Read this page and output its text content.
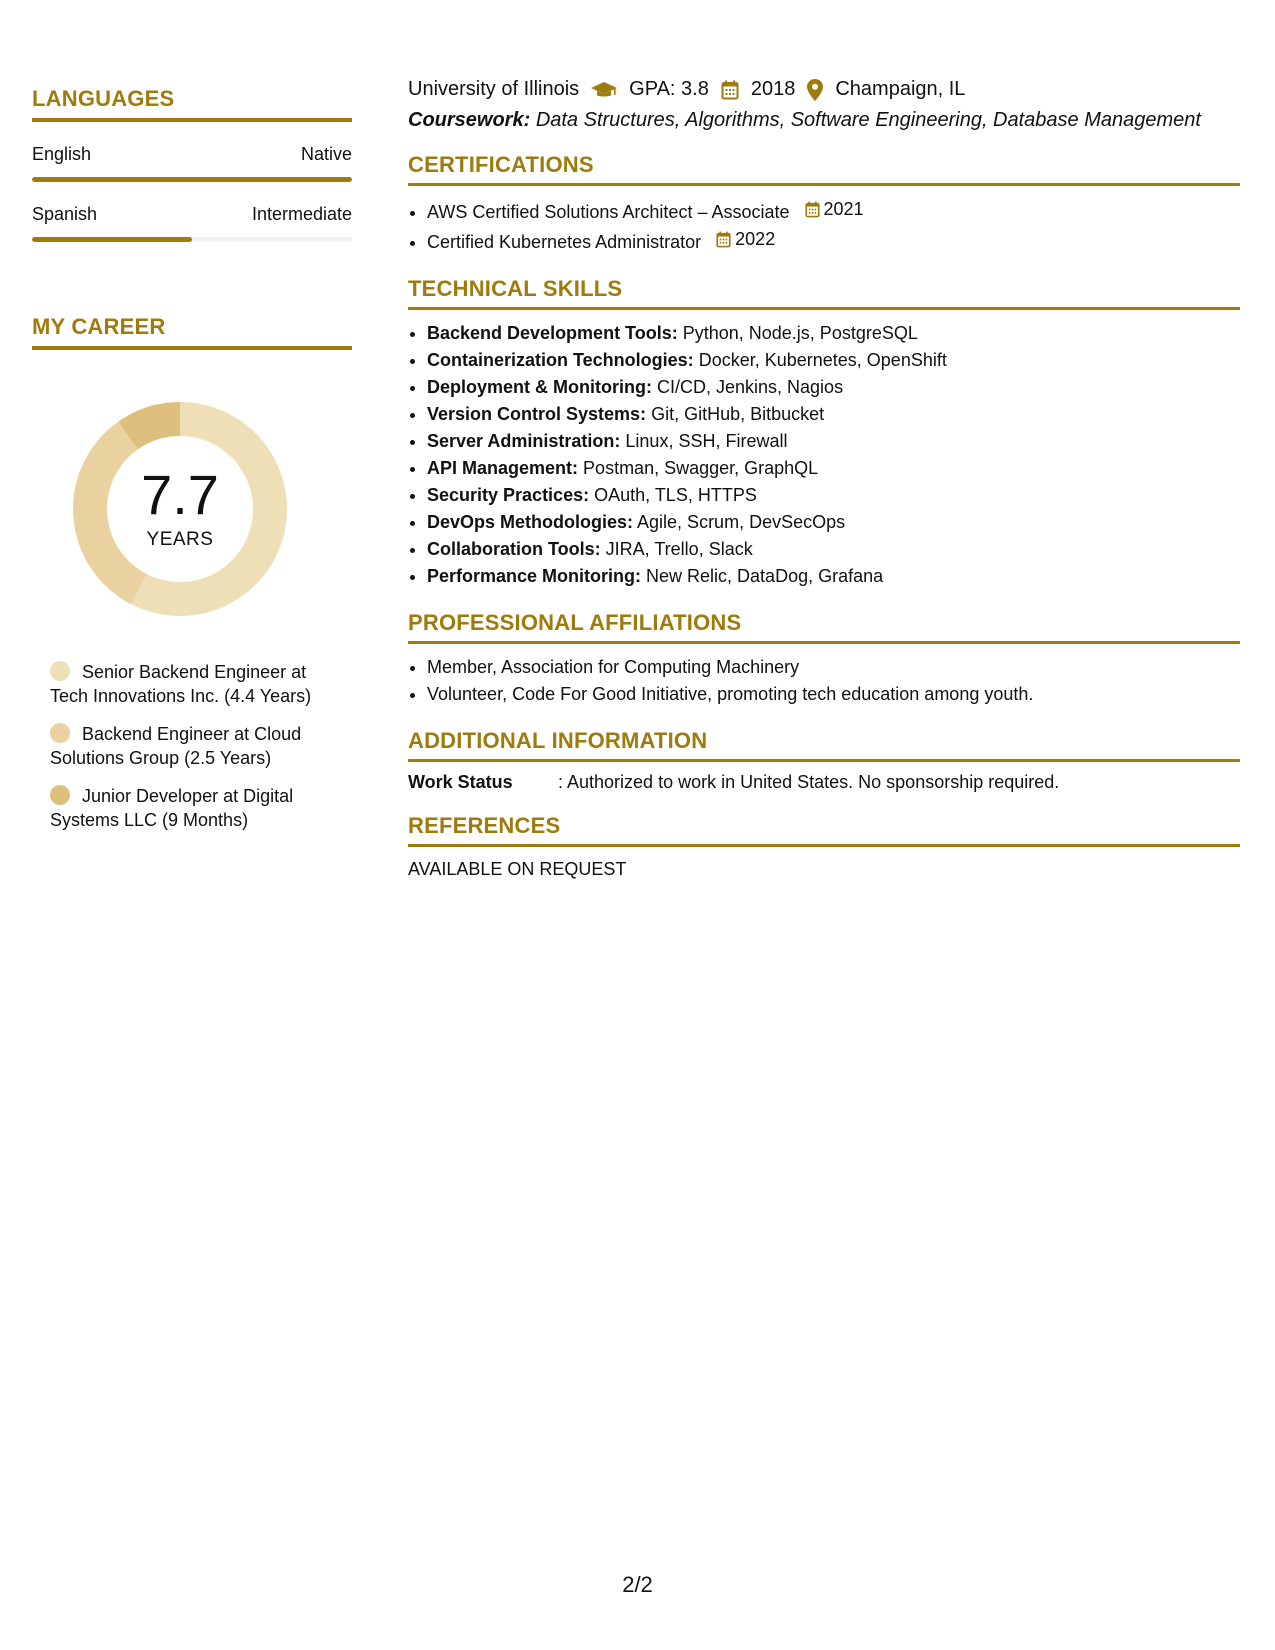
LANGUAGES
English	Native
Spanish	Intermediate
MY CAREER
7.7
YEARS
Senior Backend Engineer at Tech Innovations Inc. (4.4 Years)
Backend Engineer at Cloud Solutions Group (2.5 Years)
Junior Developer at Digital Systems LLC (9 Months)
University of Illinois	GPA: 3.8 2018 Champaign, IL
Coursework: Data Structures, Algorithms, Software Engineering, Database Management
CERTIFICATIONS
• AWS Certified Solutions Architect – Associate 2021
• Certified Kubernetes Administrator 2022
TECHNICAL SKILLS
• Backend Development Tools: Python, Node.js, PostgreSQL
• Containerization Technologies: Docker, Kubernetes, OpenShift
• Deployment & Monitoring: CI/CD, Jenkins, Nagios
• Version Control Systems: Git, GitHub, Bitbucket
• Server Administration: Linux, SSH, Firewall
• API Management: Postman, Swagger, GraphQL
• Security Practices: OAuth, TLS, HTTPS
• DevOps Methodologies: Agile, Scrum, DevSecOps
• Collaboration Tools: JIRA, Trello, Slack
• Performance Monitoring: New Relic, DataDog, Grafana
PROFESSIONAL AFFILIATIONS
• Member, Association for Computing Machinery
• Volunteer, Code For Good Initiative, promoting tech education among youth.
ADDITIONAL INFORMATION
Work Status	: Authorized to work in United States. No sponsorship required.
REFERENCES
AVAILABLE ON REQUEST
2/2
